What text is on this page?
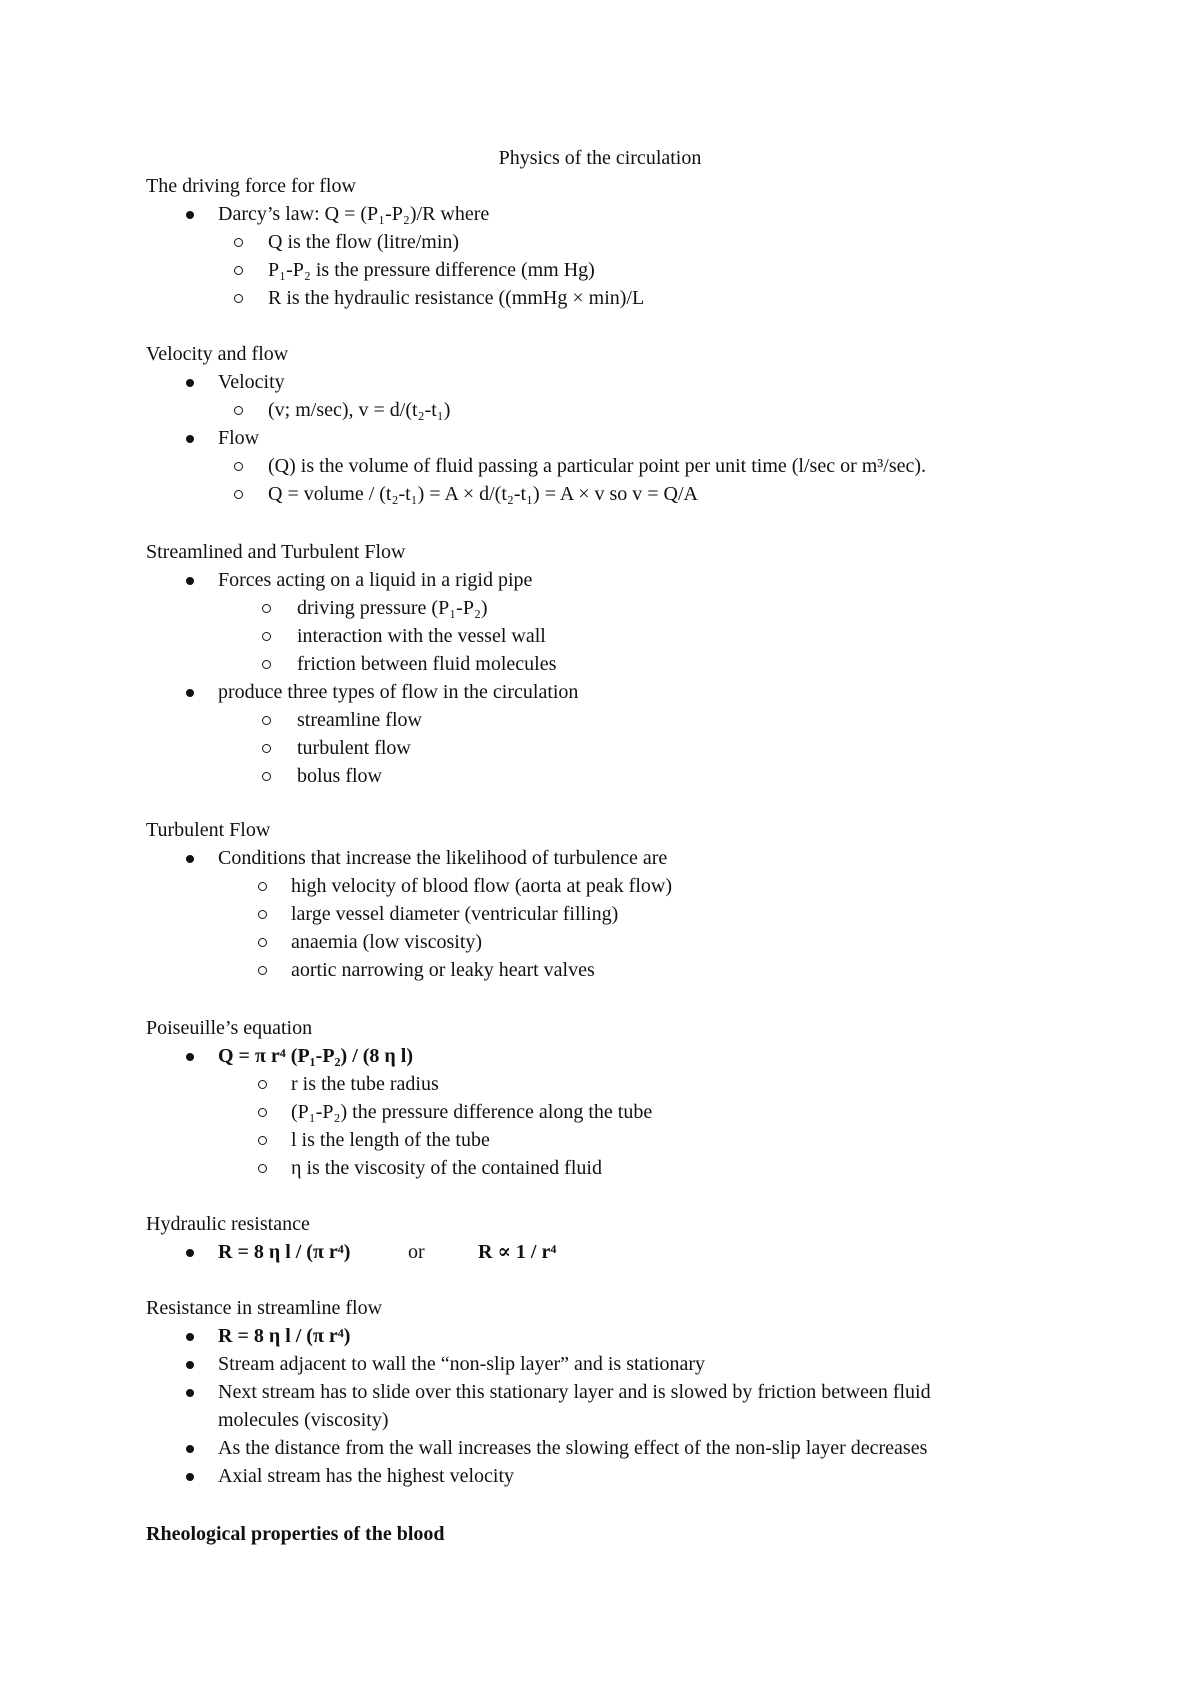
Physics of the circulation
The driving force for flow
Darcy’s law: Q = (P₁-P₂)/R where
Q is the flow (litre/min)
P₁-P₂ is the pressure difference (mm Hg)
R is the hydraulic resistance ((mmHg × min)/L
Velocity and flow
Velocity
(v; m/sec), v = d/(t₂-t₁)
Flow
(Q) is the volume of fluid passing a particular point per unit time (l/sec or m³/sec).
Q = volume / (t₂-t₁) = A × d/(t₂-t₁) = A × v so v = Q/A
Streamlined and Turbulent Flow
Forces acting on a liquid in a rigid pipe
driving pressure (P₁-P₂)
interaction with the vessel wall
friction between fluid molecules
produce three types of flow in the circulation
streamline flow
turbulent flow
bolus flow
Turbulent Flow
Conditions that increase the likelihood of turbulence are
high velocity of blood flow (aorta at peak flow)
large vessel diameter (ventricular filling)
anaemia (low viscosity)
aortic narrowing or leaky heart valves
Poiseuille’s equation
Q = π r⁴ (P₁-P₂) / (8 η l)
r is the tube radius
(P₁-P₂) the pressure difference along the tube
l is the length of the tube
η is the viscosity of the contained fluid
Hydraulic resistance
R = 8 η l / (π r⁴)	or	R ∝ 1 / r⁴
Resistance in streamline flow
R = 8 η l / (π r⁴)
Stream adjacent to wall the “non-slip layer” and is stationary
Next stream has to slide over this stationary layer and is slowed by friction between fluid
molecules (viscosity)
As the distance from the wall increases the slowing effect of the non-slip layer decreases
Axial stream has the highest velocity
Rheological properties of the blood
